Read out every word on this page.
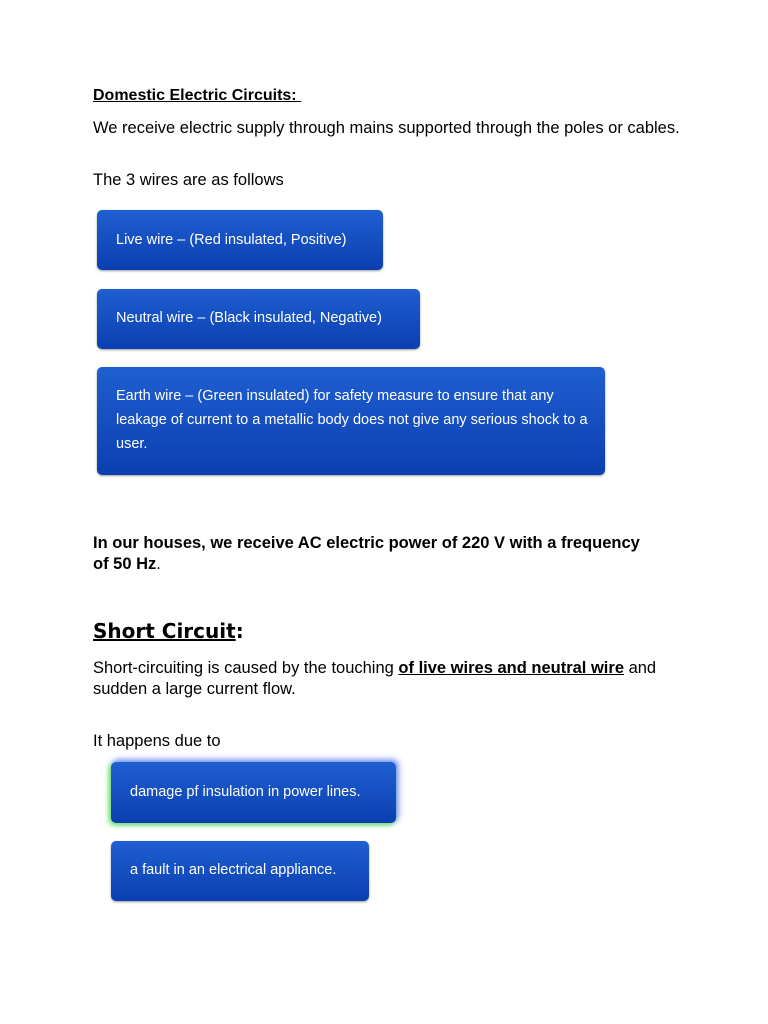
Domestic Electric Circuits:
We receive electric supply through mains supported through the poles or cables.
The 3 wires are as follows
Live wire – (Red insulated, Positive)
Neutral wire – (Black insulated, Negative)
Earth wire – (Green insulated) for safety measure to ensure that any leakage of current to a metallic body does not give any serious shock to a user.
In our houses, we receive AC electric power of 220 V with a frequency of 50 Hz.
Short Circuit:
Short-circuiting is caused by the touching of live wires and neutral wire and sudden a large current flow.
It happens due to
damage pf insulation in power lines.
a fault in an electrical appliance.
